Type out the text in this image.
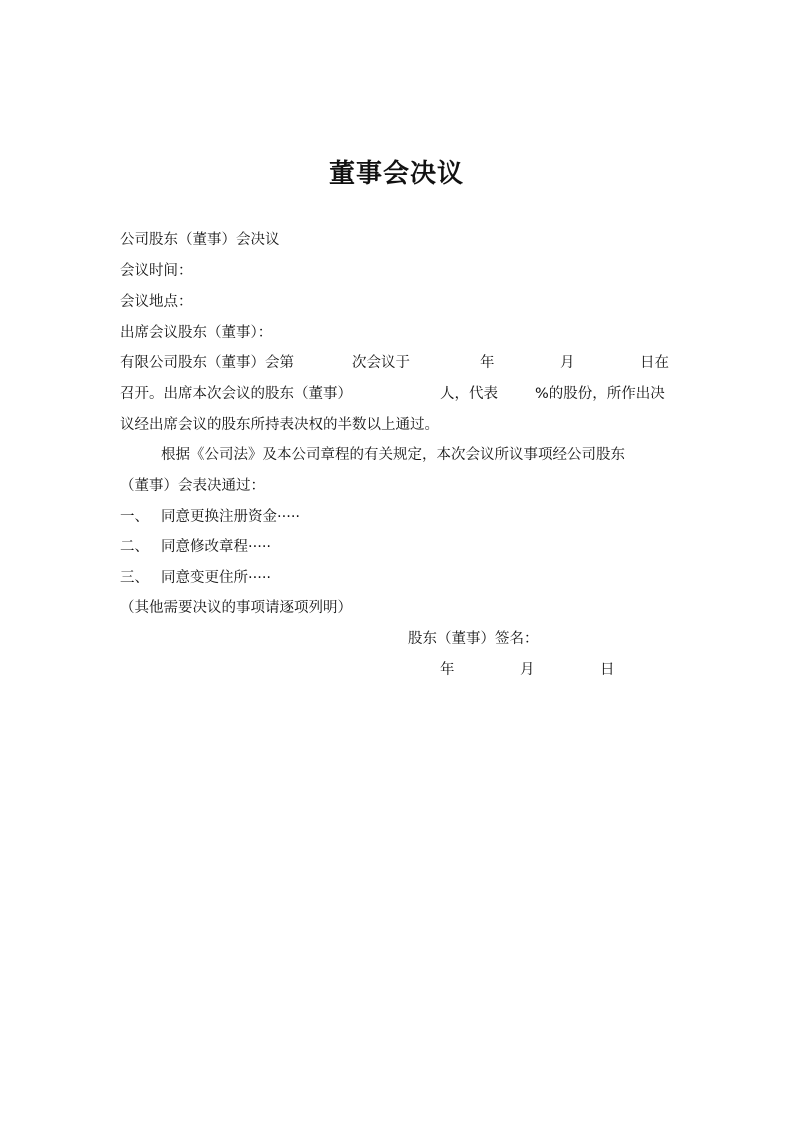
董事会决议
公司股东（董事）会决议
会议时间：
会议地点：
出席会议股东（董事）：
有限公司股东（董事）会第	次会议于	年	月	日在
召开。出席本次会议的股东（董事）	人，代表	%的股份，所作出决
议经出席会议的股东所持表决权的半数以上通过。
根据《公司法》及本公司章程的有关规定，本次会议所议事项经公司股东
（董事）会表决通过：
一、 同意更换注册资金·····
二、 同意修改章程·····
三、 同意变更住所·····
（其他需要决议的事项请逐项列明）
股东（董事）签名：
年	月	日
